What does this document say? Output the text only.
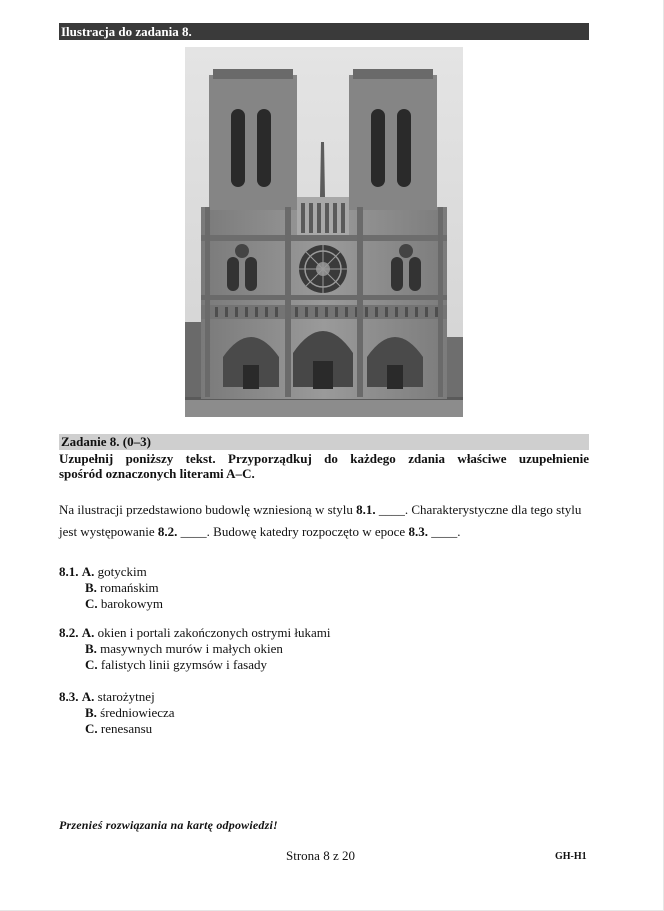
Ilustracja do zadania 8.
Zadanie 8. (0–3)
Uzupełnij poniższy tekst. Przyporządkuj do każdego zdania właściwe uzupełnienie
spośród oznaczonych literami A–C.
Na ilustracji przedstawiono budowlę wzniesioną w stylu 8.1. ____. Charakterystyczne dla tego stylu jest występowanie 8.2. ____. Budowę katedry rozpoczęto w epoce 8.3. ____.
8.1. A. gotyckim
B. romańskim
C. barokowym
8.2. A. okien i portali zakończonych ostrymi łukami
B. masywnych murów i małych okien
C. falistych linii gzymsów i fasady
8.3. A. starożytnej
B. średniowiecza
C. renesansu
Przenieś rozwiązania na kartę odpowiedzi!
Strona 8 z 20	GH-H1
